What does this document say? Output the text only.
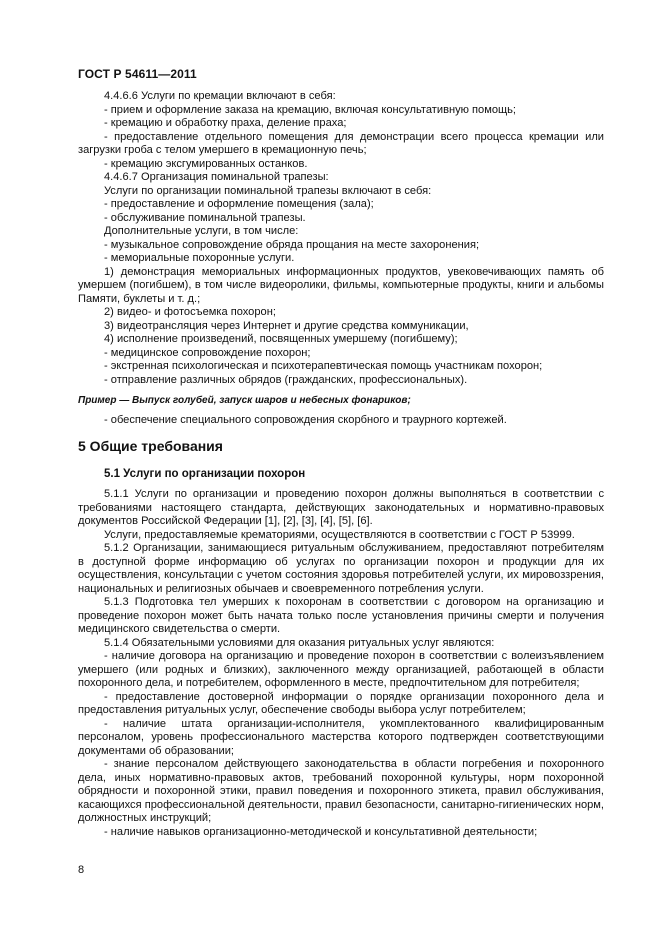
ГОСТ Р 54611—2011

4.4.6.6 Услуги по кремации включают в себя:

- прием и оформление заказа на кремацию, включая консультативную помощь;

- кремацию и обработку праха, деление праха;

- предоставление отдельного помещения для демонстрации всего процесса кремации или загрузки гроба с телом умершего в кремационную печь;

- кремацию эксгумированных останков.

4.4.6.7 Организация поминальной трапезы:

Услуги по организации поминальной трапезы включают в себя:

- предоставление и оформление помещения (зала);

- обслуживание поминальной трапезы.

Дополнительные услуги, в том числе:

- музыкальное сопровождение обряда прощания на месте захоронения;

- мемориальные похоронные услуги.

1) демонстрация мемориальных информационных продуктов, увековечивающих память об умершем (погибшем), в том числе видеоролики, фильмы, компьютерные продукты, книги и альбомы Памяти, буклеты и т. д.;

2) видео- и фотосъемка похорон;

3) видеотрансляция через Интернет и другие средства коммуникации,

4) исполнение произведений, посвященных умершему (погибшему);

- медицинское сопровождение похорон;

- экстренная психологическая и психотерапевтическая помощь участникам похорон;

- отправление различных обрядов (гражданских, профессиональных).

Пример — Выпуск голубей, запуск шаров и небесных фонариков;

- обеспечение специального сопровождения скорбного и траурного кортежей.

5 Общие требования
5.1 Услуги по организации похорон

5.1.1 Услуги по организации и проведению похорон должны выполняться в соответствии с требованиями настоящего стандарта, действующих законодательных и нормативно-правовых документов Российской Федерации [1], [2], [3], [4], [5], [6].

Услуги, предоставляемые крематориями, осуществляются в соответствии с ГОСТ Р 53999.

5.1.2 Организации, занимающиеся ритуальным обслуживанием, предоставляют потребителям в доступной форме информацию об услугах по организации похорон и продукции для их осуществления, консультации с учетом состояния здоровья потребителей услуги, их мировоззрения, национальных и религиозных обычаев и своевременного потребления услуги.

5.1.3 Подготовка тел умерших к похоронам в соответствии с договором на организацию и проведение похорон может быть начата только после установления причины смерти и получения медицинского свидетельства о смерти.

5.1.4 Обязательными условиями для оказания ритуальных услуг являются:

- наличие договора на организацию и проведение похорон в соответствии с волеизъявлением умершего (или родных и близких), заключенного между организацией, работающей в области похоронного дела, и потребителем, оформленного в месте, предпочтительном для потребителя;

- предоставление достоверной информации о порядке организации похоронного дела и предоставления ритуальных услуг, обеспечение свободы выбора услуг потребителем;

- наличие штата организации-исполнителя, укомплектованного квалифицированным персоналом, уровень профессионального мастерства которого подтвержден соответствующими документами об образовании;

- знание персоналом действующего законодательства в области погребения и похоронного дела, иных нормативно-правовых актов, требований похоронной культуры, норм похоронной обрядности и похоронной этики, правил поведения и похоронного этикета, правил обслуживания, касающихся профессиональной деятельности, правил безопасности, санитарно-гигиенических норм, должностных инструкций;

- наличие навыков организационно-методической и консультативной деятельности;

8
